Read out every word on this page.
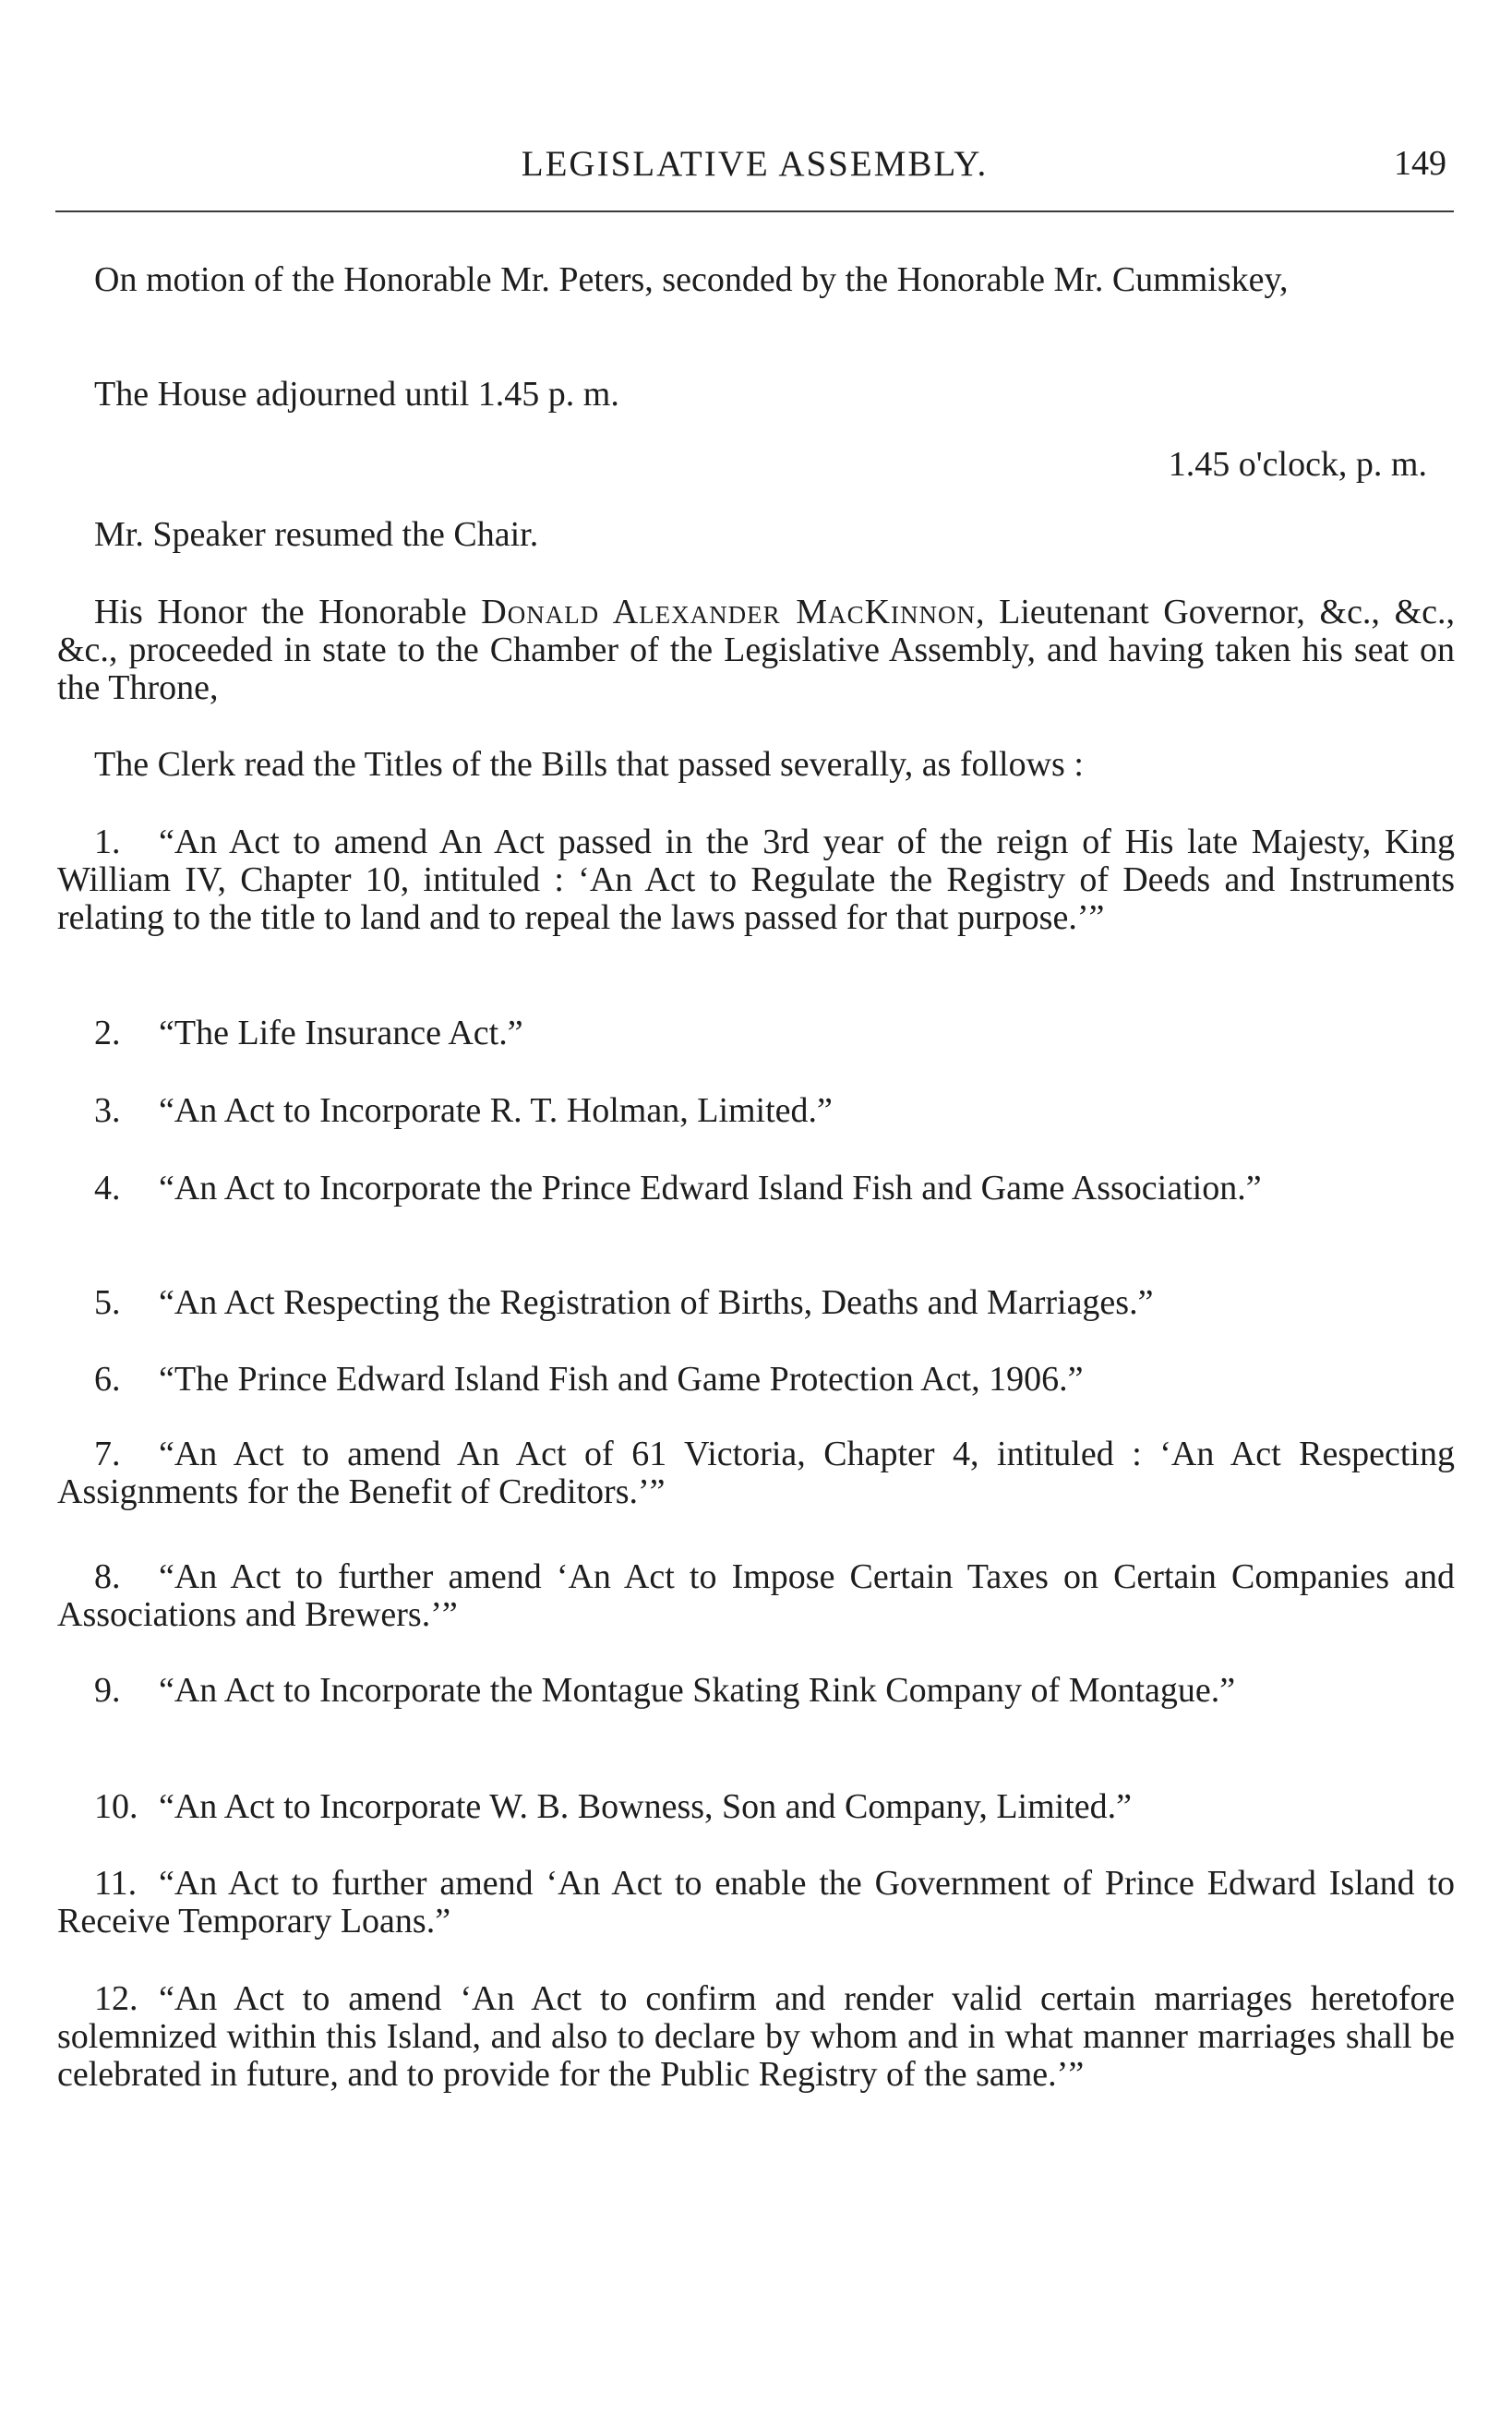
LEGISLATIVE ASSEMBLY.	149

On motion of the Honorable Mr. Peters, seconded by the Honorable Mr. Cummiskey,

The House adjourned until 1.45 p. m.

1.45 o'clock, p. m.

Mr. Speaker resumed the Chair.

His Honor the Honorable Donald Alexander MacKinnon, Lieutenant Governor, &c., &c., &c., proceeded in state to the Chamber of the Legislative Assembly, and having taken his seat on the Throne,

The Clerk read the Titles of the Bills that passed severally, as follows :

1. “An Act to amend An Act passed in the 3rd year of the reign of His late Majesty, King William IV, Chapter 10, intituled : ‘An Act to Regulate the Registry of Deeds and Instruments relating to the title to land and to repeal the laws passed for that purpose.’”

2. “The Life Insurance Act.”

3. “An Act to Incorporate R. T. Holman, Limited.”

4. “An Act to Incorporate the Prince Edward Island Fish and Game Association.”

5. “An Act Respecting the Registration of Births, Deaths and Marriages.”

6. “The Prince Edward Island Fish and Game Protection Act, 1906.”

7. “An Act to amend An Act of 61 Victoria, Chapter 4, intituled : ‘An Act Respecting Assignments for the Benefit of Creditors.’”

8. “An Act to further amend ‘An Act to Impose Certain Taxes on Certain Companies and Associations and Brewers.’”

9. “An Act to Incorporate the Montague Skating Rink Company of Montague.”

10. “An Act to Incorporate W. B. Bowness, Son and Company, Limited.”

11. “An Act to further amend ‘An Act to enable the Government of Prince Edward Island to Receive Temporary Loans.”

12. “An Act to amend ‘An Act to confirm and render valid certain marriages heretofore solemnized within this Island, and also to declare by whom and in what manner marriages shall be celebrated in future, and to provide for the Public Registry of the same.’”
